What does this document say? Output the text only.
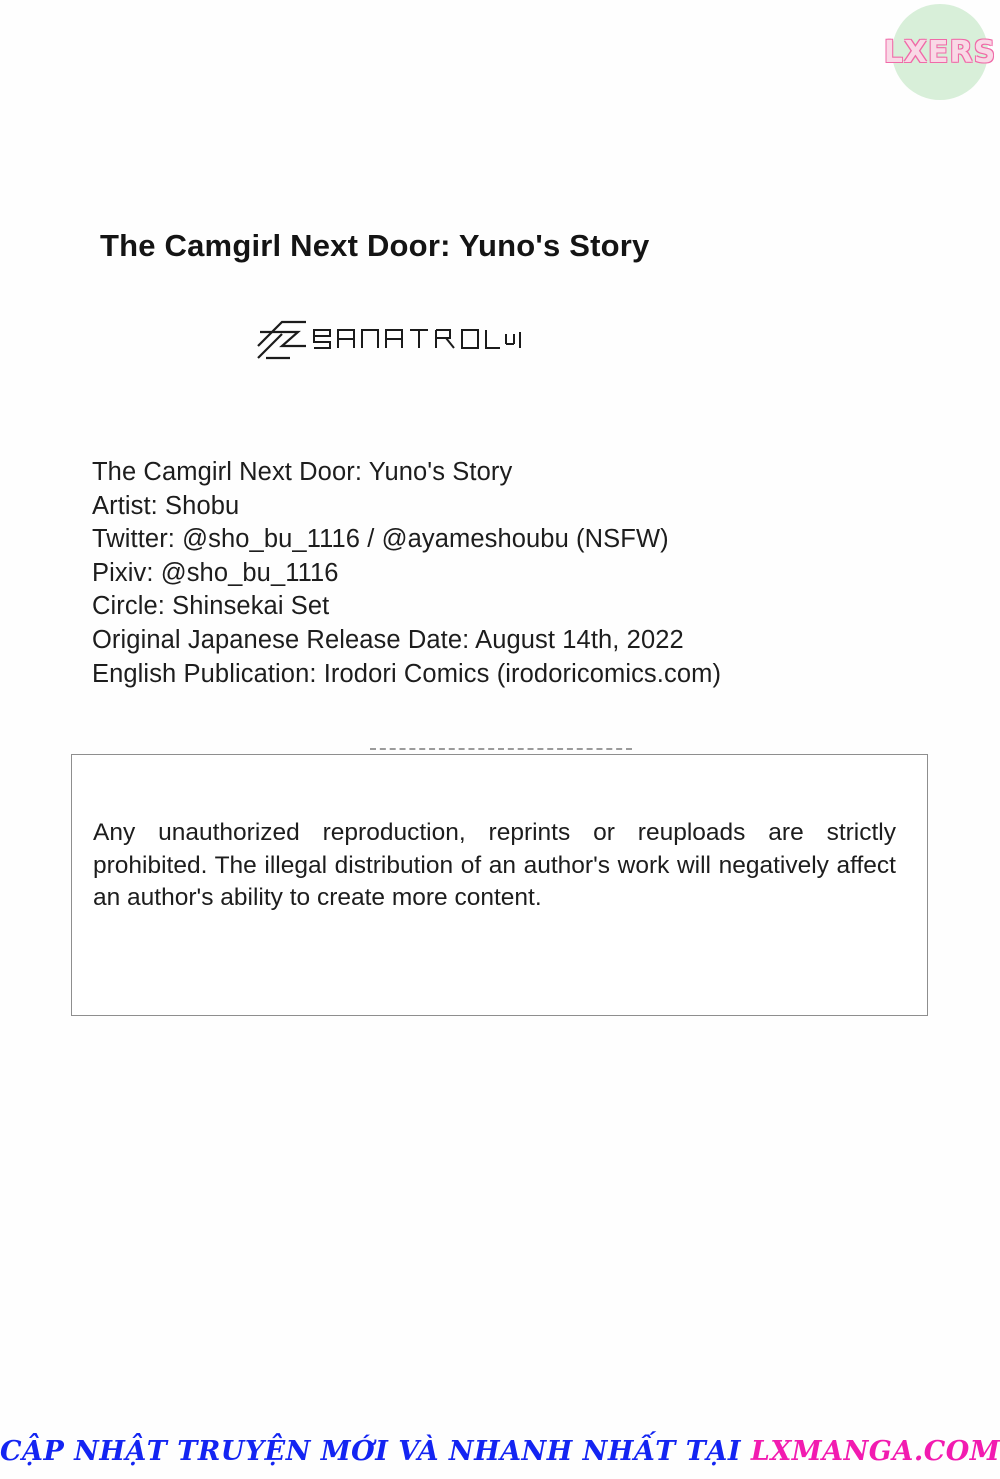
LXERS
The Camgirl Next Door: Yuno's Story
The Camgirl Next Door: Yuno's Story
Artist: Shobu
Twitter: @sho_bu_1116 / @ayameshoubu (NSFW)
Pixiv: @sho_bu_1116
Circle: Shinsekai Set
Original Japanese Release Date: August 14th, 2022
English Publication: Irodori Comics (irodoricomics.com)
Any unauthorized reproduction, reprints or reuploads are strictly prohibited. The illegal distribution of an author's work will negatively affect an author's ability to create more content.
CẬP NHẬT TRUYỆN MỚI VÀ NHANH NHẤT TẠI LXMANGA.COM
